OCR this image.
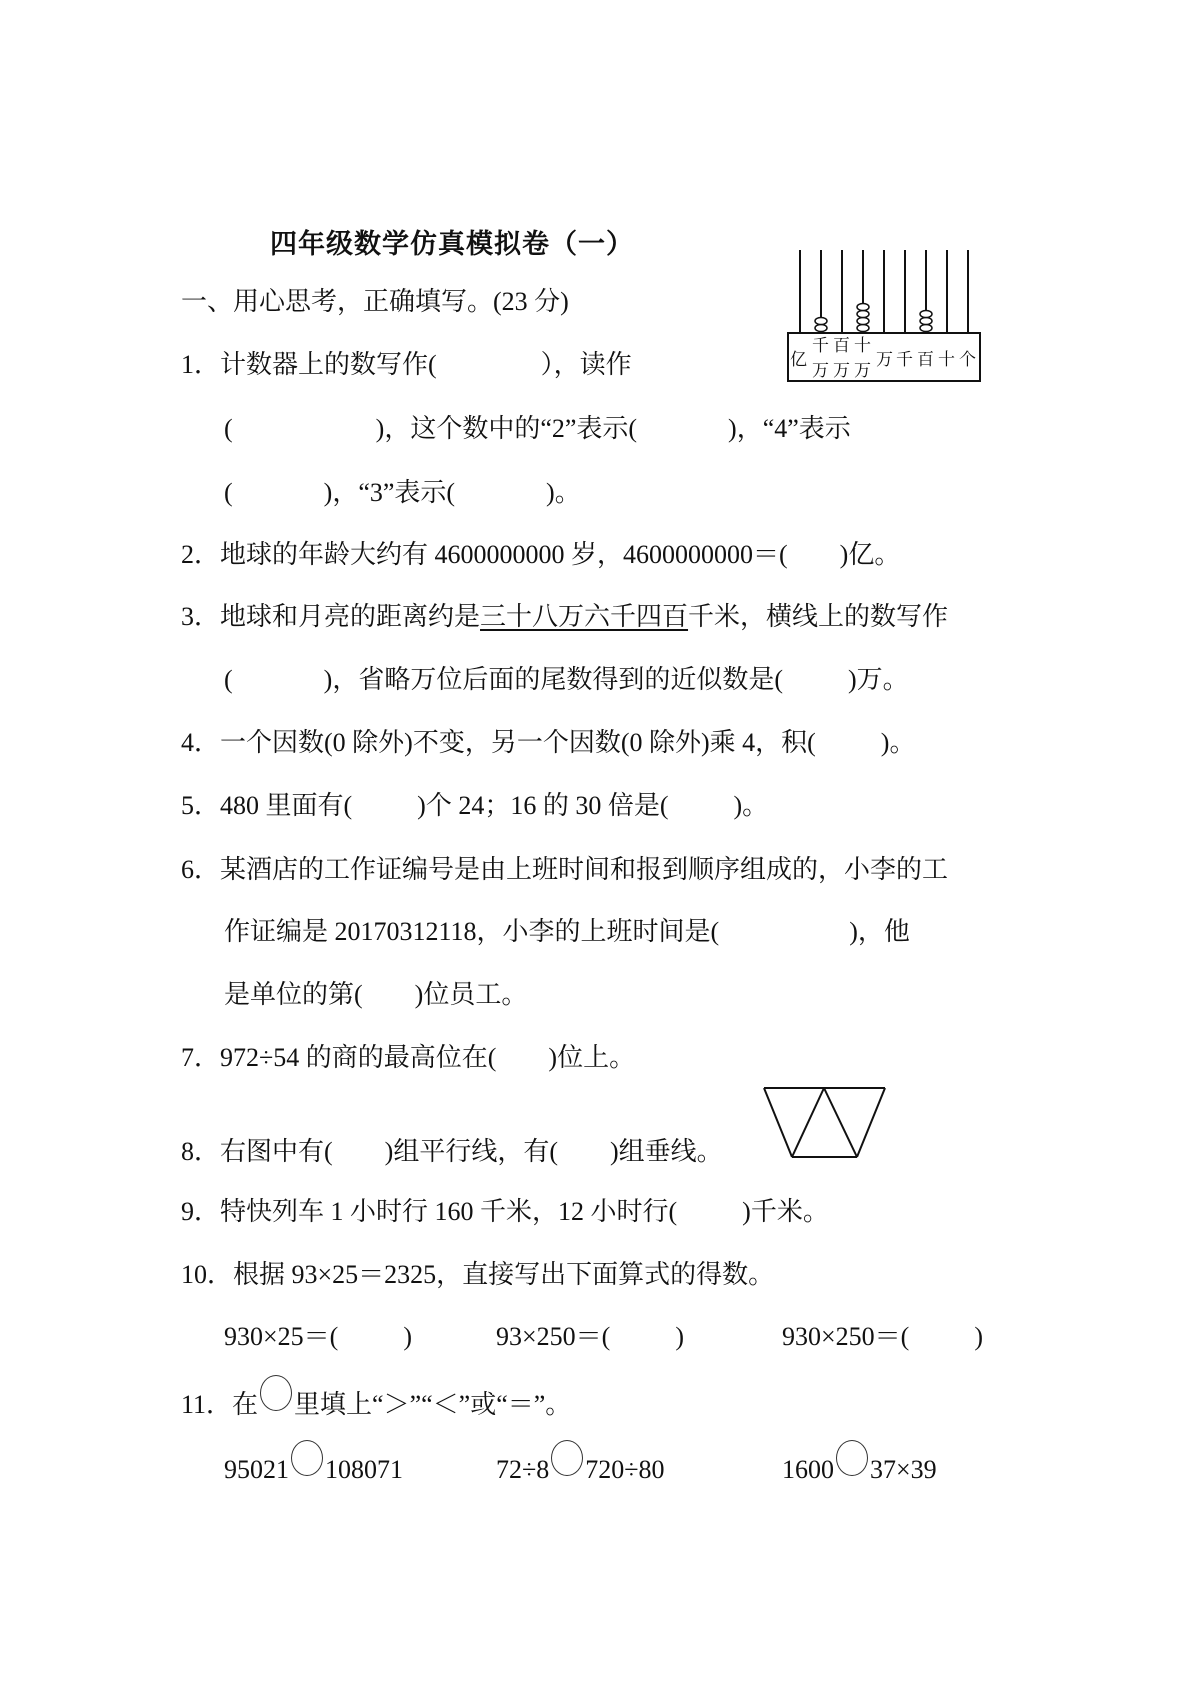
四年级数学仿真模拟卷（一）
一、用心思考，正确填写。(23 分)
1．计数器上的数写作(                ），读作
(                      )，这个数中的“2”表示(              )，“4”表示
(              )，“3”表示(              )。
亿
千
万
百
万
十
万
万 千 百 十 个
2．地球的年龄大约有 4600000000 岁，4600000000＝(        )亿。
3．地球和月亮的距离约是三十八万六千四百千米，横线上的数写作
(              )，省略万位后面的尾数得到的近似数是(          )万。
4．一个因数(0 除外)不变，另一个因数(0 除外)乘 4，积(          )。
5．480 里面有(          )个 24；16 的 30 倍是(          )。
6．某酒店的工作证编号是由上班时间和报到顺序组成的，小李的工
作证编是 20170312118，小李的上班时间是(                    )，他
是单位的第(        )位员工。
7．972÷54 的商的最高位在(        )位上。
8．右图中有(        )组平行线，有(        )组垂线。
9．特快列车 1 小时行 160 千米，12 小时行(          )千米。
10．根据 93×25＝2325，直接写出下面算式的得数。
930×25＝(          )	93×250＝(          )	930×250＝(          )
11．在 里填上“＞”“＜”或“＝”。
95021 108071	72÷8 720÷80	1600 37×39
